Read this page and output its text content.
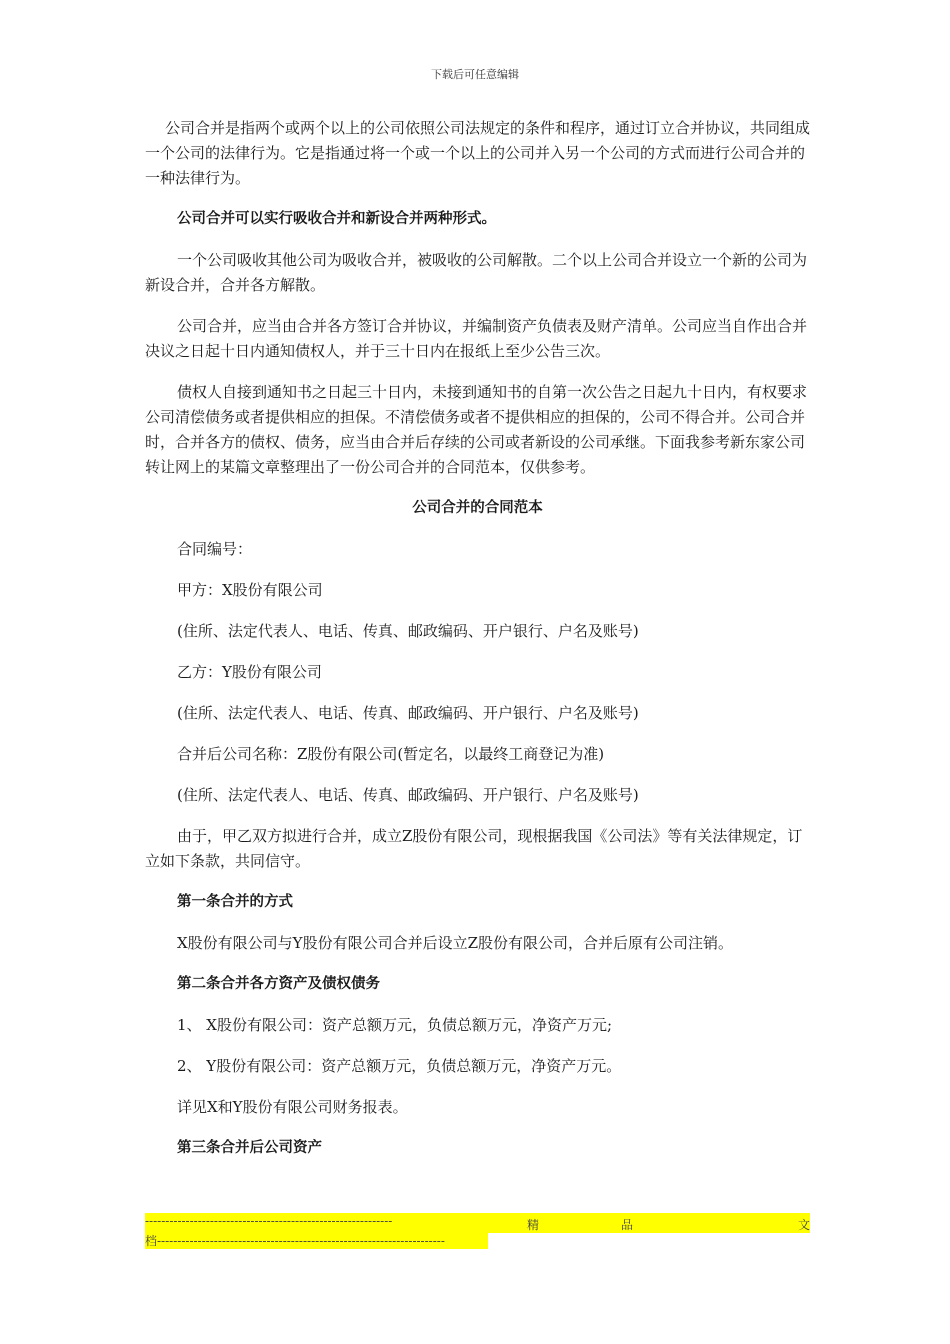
下载后可任意编辑

公司合并是指两个或两个以上的公司依照公司法规定的条件和程序，通过订立合并协议，共同组成一个公司的法律行为。它是指通过将一个或一个以上的公司并入另一个公司的方式而进行公司合并的一种法律行为。

公司合并可以实行吸收合并和新设合并两种形式。

一个公司吸收其他公司为吸收合并，被吸收的公司解散。二个以上公司合并设立一个新的公司为新设合并，合并各方解散。

公司合并，应当由合并各方签订合并协议，并编制资产负债表及财产清单。公司应当自作出合并决议之日起十日内通知债权人，并于三十日内在报纸上至少公告三次。

债权人自接到通知书之日起三十日内，未接到通知书的自第一次公告之日起九十日内，有权要求公司清偿债务或者提供相应的担保。不清偿债务或者不提供相应的担保的，公司不得合并。公司合并时，合并各方的债权、债务，应当由合并后存续的公司或者新设的公司承继。下面我参考新东家公司转让网上的某篇文章整理出了一份公司合并的合同范本，仅供参考。

公司合并的合同范本

合同编号：

甲方：X股份有限公司

(住所、法定代表人、电话、传真、邮政编码、开户银行、户名及账号)

乙方：Y股份有限公司

(住所、法定代表人、电话、传真、邮政编码、开户银行、户名及账号)

合并后公司名称：Z股份有限公司(暂定名，以最终工商登记为准)

(住所、法定代表人、电话、传真、邮政编码、开户银行、户名及账号)

由于，甲乙双方拟进行合并，成立Z股份有限公司，现根据我国《公司法》等有关法律规定，订立如下条款，共同信守。

第一条合并的方式

X股份有限公司与Y股份有限公司合并后设立Z股份有限公司，合并后原有公司注销。

第二条合并各方资产及债权债务

1、 X股份有限公司：资产总额万元，负债总额万元，净资产万元;

2、 Y股份有限公司：资产总额万元，负债总额万元，净资产万元。

详见X和Y股份有限公司财务报表。

第三条合并后公司资产

-------------------------------------------------------------	精	品	文
档-----------------------------------------------------------------------
